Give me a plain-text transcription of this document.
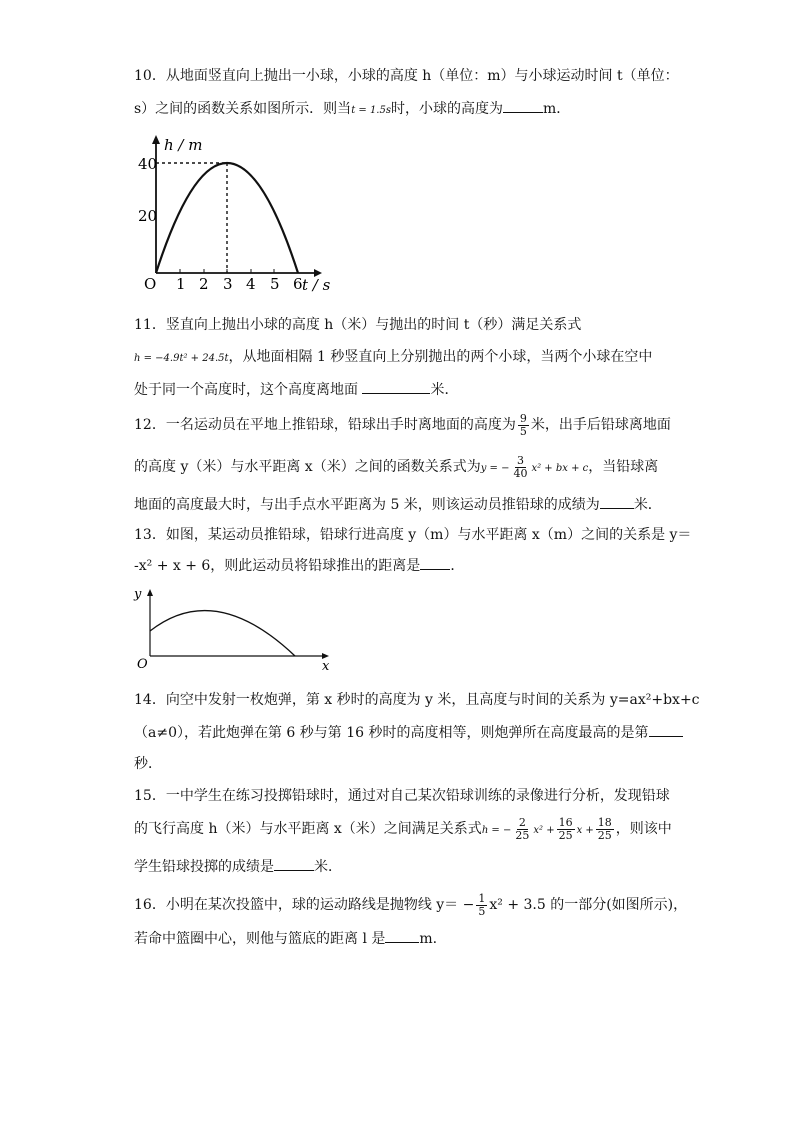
10．从地面竖直向上抛出一小球，小球的高度 h（单位：m）与小球运动时间 t（单位：
s）之间的函数关系如图所示．则当t = 1.5s时，小球的高度为	m．
h / m
t / s
O
40
20
1 2 3 4 5 6
11．竖直向上抛出小球的高度 h（米）与抛出的时间 t（秒）满足关系式
h = −4.9t² + 24.5t，从地面相隔 1 秒竖直向上分别抛出的两个小球，当两个小球在空中
处于同一个高度时，这个高度离地面	米．
12．一名运动员在平地上推铅球，铅球出手时离地面的高度为 $\frac{9}{5}$ 米，出手后铅球离地面
的高度 y（米）与水平距离 x（米）之间的函数关系式为y = − $\frac{3}{40} x^2$ + bx + c，当铅球离
地面的高度最大时，与出手点水平距离为 5 米，则该运动员推铅球的成绩为 米．
13．如图，某运动员推铅球，铅球行进高度 y（m）与水平距离 x（m）之间的关系是 y＝
-x² + x + 6，则此运动员将铅球推出的距离是 ．
y
x
O
14．向空中发射一枚炮弹，第 x 秒时的高度为 y 米，且高度与时间的关系为 y=ax²+bx+c
（a≠0），若此炮弹在第 6 秒与第 16 秒时的高度相等，则炮弹所在高度最高的是第
秒．
15．一中学生在练习投掷铅球时，通过对自己某次铅球训练的录像进行分析，发现铅球
的飞行高度 h（米）与水平距离 x（米）之间满足关系式h = − $\frac{2}{25} x^2 + \frac{16}{25}$ $x + \frac{18}{25}$ ，则该中
学生铅球投掷的成绩是	米．
16．小明在某次投篮中，球的运动路线是抛物线 $y= - \frac{1}{5} x^2 + 3.5$ 的一部分(如图所示)，
若命中篮圈中心，则他与篮底的距离 l 是 m.
